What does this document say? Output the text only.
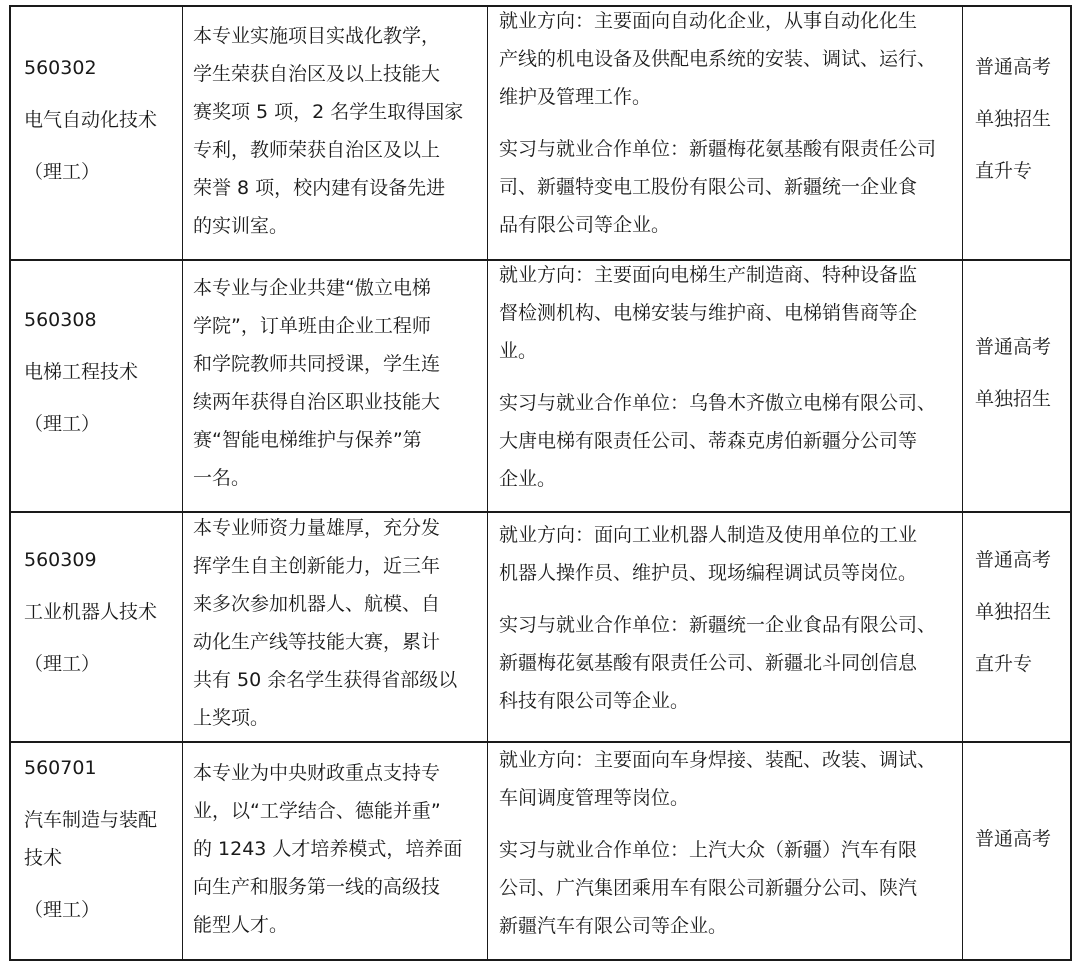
560302
电气自动化技术
（理工）
本专业实施项目实战化教学，
学生荣获自治区及以上技能大
赛奖项 5 项，2 名学生取得国家
专利，教师荣获自治区及以上
荣誉 8 项，校内建有设备先进
的实训室。
就业方向：主要面向自动化企业，从事自动化化生
产线的机电设备及供配电系统的安装、调试、运行、
维护及管理工作。
实习与就业合作单位：新疆梅花氨基酸有限责任公司
司、新疆特变电工股份有限公司、新疆统一企业食
品有限公司等企业。
普通高考
单独招生
直升专
560308
电梯工程技术
（理工）
本专业与企业共建“傲立电梯
学院”，订单班由企业工程师
和学院教师共同授课，学生连
续两年获得自治区职业技能大
赛“智能电梯维护与保养”第
一名。
就业方向：主要面向电梯生产制造商、特种设备监
督检测机构、电梯安装与维护商、电梯销售商等企
业。
实习与就业合作单位：乌鲁木齐傲立电梯有限公司、
大唐电梯有限责任公司、蒂森克虏伯新疆分公司等
企业。
普通高考
单独招生
560309
工业机器人技术
（理工）
本专业师资力量雄厚，充分发
挥学生自主创新能力，近三年
来多次参加机器人、航模、自
动化生产线等技能大赛，累计
共有 50 余名学生获得省部级以
上奖项。
就业方向：面向工业机器人制造及使用单位的工业
机器人操作员、维护员、现场编程调试员等岗位。
实习与就业合作单位：新疆统一企业食品有限公司、
新疆梅花氨基酸有限责任公司、新疆北斗同创信息
科技有限公司等企业。
普通高考
单独招生
直升专
560701
汽车制造与装配
技术
（理工）
本专业为中央财政重点支持专
业，以“工学结合、德能并重”
的 1243 人才培养模式，培养面
向生产和服务第一线的高级技
能型人才。
就业方向：主要面向车身焊接、装配、改装、调试、
车间调度管理等岗位。
实习与就业合作单位：上汽大众（新疆）汽车有限
公司、广汽集团乘用车有限公司新疆分公司、陕汽
新疆汽车有限公司等企业。
普通高考
